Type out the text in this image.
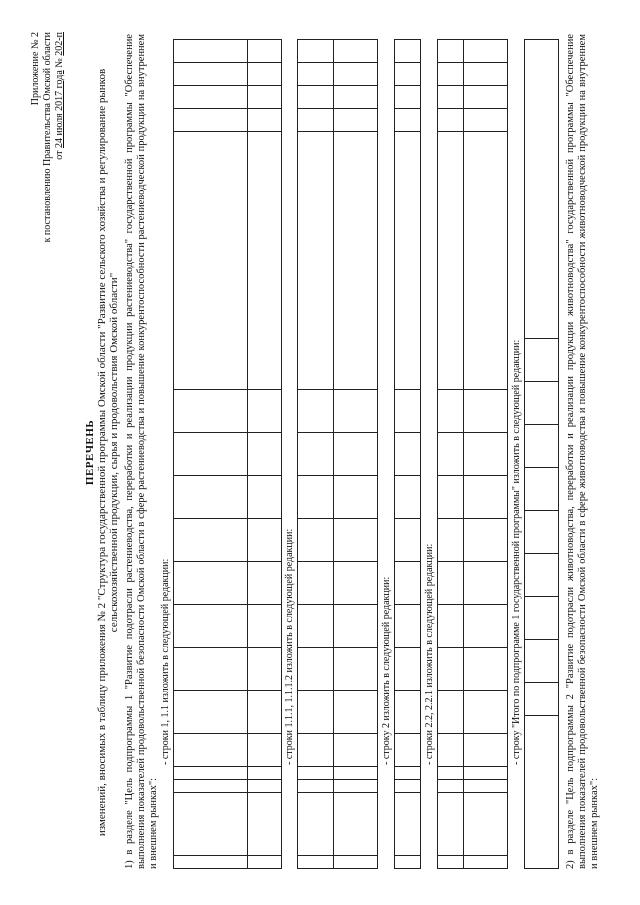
Приложение № 2 к постановлению Правительства Омской области от 24 июля 2017 года № 202-п
ПЕРЕЧЕНЬ изменений, вносимых в таблицу приложения № 2 "Структура государственной программы Омской области "Развитие сельского хозяйства и регулирование рынков сельскохозяйственной продукции, сырья и продовольствия Омской области" 1) в разделе "Цель подпрограммы 1 "Развитие подотрасли растениеводства, переработки и реализации продукции растениеводства" государственной программы "Обеспечение выполнения показателей продовольственной безопасности Омской области в сфере растениеводства и повышение конкурентоспособности растениеводческой продукции на внутреннем и внешнем рынках":
- строки 1, 1.1 изложить в следующей редакции:

																		- строки 1.1.1, 1.1.1.2 изложить в следующей редакции:

																		- строку 2 изложить в следующей редакции:
																		- строки 2.2, 2.2.1 изложить в следующей редакции:

																		- строку "Итого по подпрограмме 1 государственной программы" изложить в следующей редакции:
											2) в разделе "Цель подпрограммы 2 "Развитие подотрасли животноводства, переработки и реализации продукции животноводства" государственной программы "Обеспечение выполнения показателей продовольственной безопасности Омской области в сфере животноводства и повышение конкурентоспособности животноводческой продукции на внутреннем и внешнем рынках":
